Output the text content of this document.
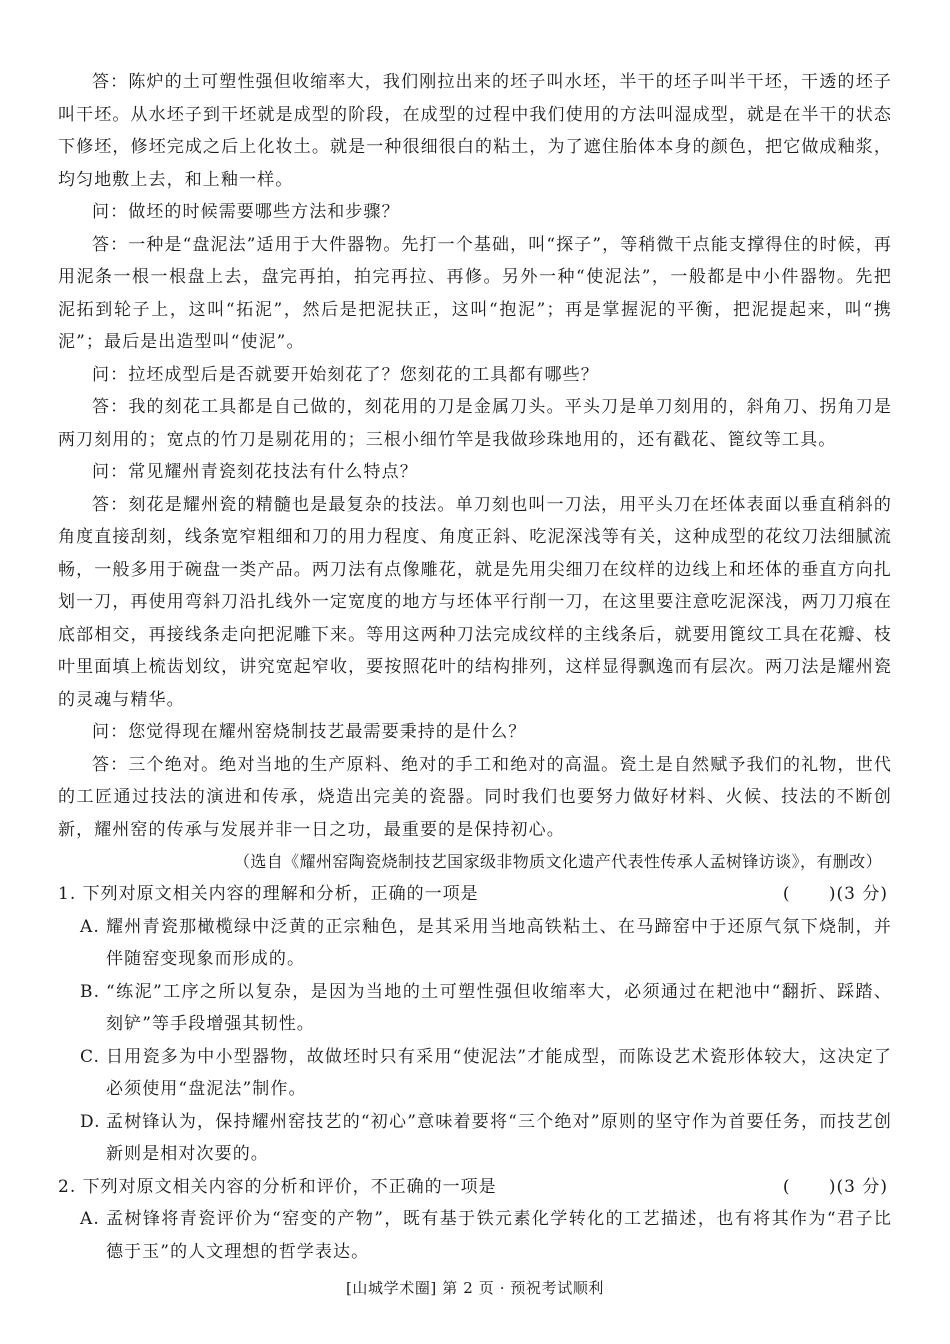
答：陈炉的土可塑性强但收缩率大，我们刚拉出来的坯子叫水坯，半干的坯子叫半干坯，干透的坯子叫干坯。从水坯子到干坯就是成型的阶段，在成型的过程中我们使用的方法叫湿成型，就是在半干的状态下修坯，修坯完成之后上化妆土。就是一种很细很白的粘土，为了遮住胎体本身的颜色，把它做成釉浆，均匀地敷上去，和上釉一样。

问：做坯的时候需要哪些方法和步骤？

答：一种是“盘泥法”适用于大件器物。先打一个基础，叫“探子”，等稍微干点能支撑得住的时候，再用泥条一根一根盘上去，盘完再拍，拍完再拉、再修。另外一种“使泥法”，一般都是中小件器物。先把泥拓到轮子上，这叫“拓泥”，然后是把泥扶正，这叫“抱泥”；再是掌握泥的平衡，把泥提起来，叫“携泥”；最后是出造型叫“使泥”。

问：拉坯成型后是否就要开始刻花了？您刻花的工具都有哪些？

答：我的刻花工具都是自己做的，刻花用的刀是金属刀头。平头刀是单刀刻用的，斜角刀、拐角刀是两刀刻用的；宽点的竹刀是剔花用的；三根小细竹竿是我做珍珠地用的，还有戳花、篦纹等工具。

问：常见耀州青瓷刻花技法有什么特点？

答：刻花是耀州瓷的精髓也是最复杂的技法。单刀刻也叫一刀法，用平头刀在坯体表面以垂直稍斜的角度直接刮刻，线条宽窄粗细和刀的用力程度、角度正斜、吃泥深浅等有关，这种成型的花纹刀法细腻流畅，一般多用于碗盘一类产品。两刀法有点像雕花，就是先用尖细刀在纹样的边线上和坯体的垂直方向扎划一刀，再使用弯斜刀沿扎线外一定宽度的地方与坯体平行削一刀，在这里要注意吃泥深浅，两刀刀痕在底部相交，再接线条走向把泥雕下来。等用这两种刀法完成纹样的主线条后，就要用篦纹工具在花瓣、枝叶里面填上梳齿划纹，讲究宽起窄收，要按照花叶的结构排列，这样显得飘逸而有层次。两刀法是耀州瓷的灵魂与精华。

问：您觉得现在耀州窑烧制技艺最需要秉持的是什么？

答：三个绝对。绝对当地的生产原料、绝对的手工和绝对的高温。瓷土是自然赋予我们的礼物，世代的工匠通过技法的演进和传承，烧造出完美的瓷器。同时我们也要努力做好材料、火候、技法的不断创新，耀州窑的传承与发展并非一日之功，最重要的是保持初心。

（选自《耀州窑陶瓷烧制技艺国家级非物质文化遗产代表性传承人孟树锋访谈》，有删改）

1. 下列对原文相关内容的理解和分析，正确的一项是	(      )(3 分)
A. 耀州青瓷那橄榄绿中泛黄的正宗釉色，是其采用当地高铁粘土、在马蹄窑中于还原气氛下烧制，并伴随窑变现象而形成的。
B. “练泥”工序之所以复杂，是因为当地的土可塑性强但收缩率大，必须通过在耙池中“翻折、踩踏、刻铲”等手段增强其韧性。
C. 日用瓷多为中小型器物，故做坯时只有采用“使泥法”才能成型，而陈设艺术瓷形体较大，这决定了必须使用“盘泥法”制作。
D. 孟树锋认为，保持耀州窑技艺的“初心”意味着要将“三个绝对”原则的坚守作为首要任务，而技艺创新则是相对次要的。
2. 下列对原文相关内容的分析和评价，不正确的一项是	(      )(3 分)
A. 孟树锋将青瓷评价为“窑变的产物”，既有基于铁元素化学转化的工艺描述，也有将其作为“君子比德于玉”的人文理想的哲学表达。
[山城学术圈] 第 2 页 · 预祝考试顺利
